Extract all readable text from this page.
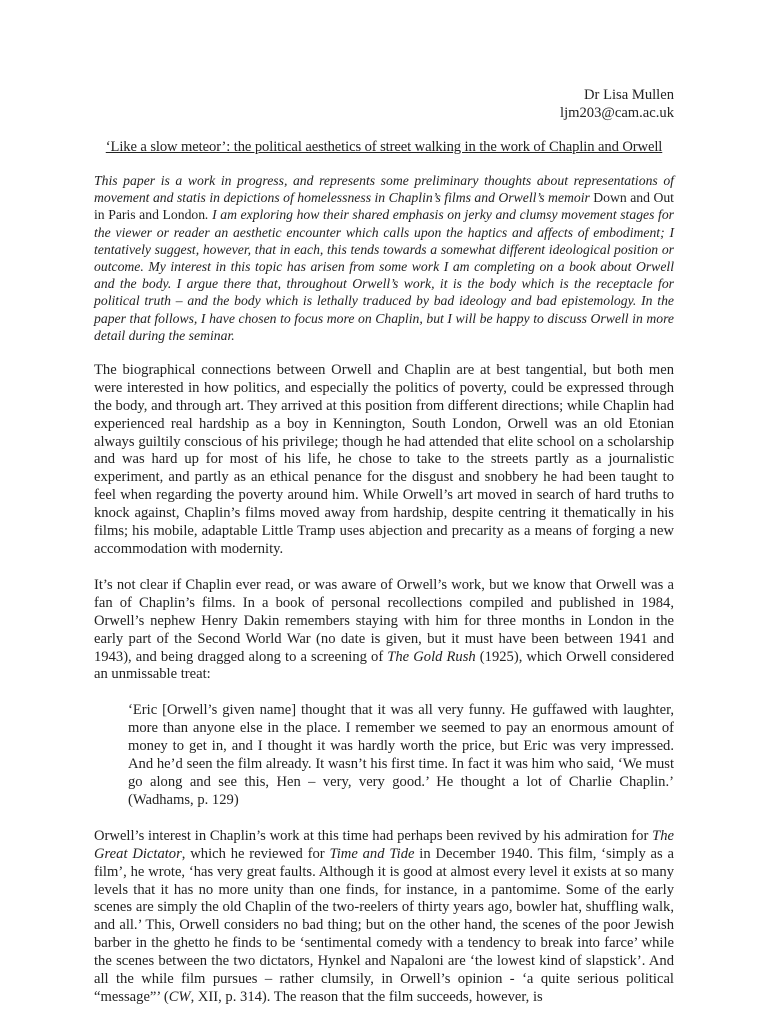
Dr Lisa Mullen
ljm203@cam.ac.uk
‘Like a slow meteor’: the political aesthetics of street walking in the work of Chaplin and Orwell

This paper is a work in progress, and represents some preliminary thoughts about representations of movement and statis in depictions of homelessness in Chaplin’s films and Orwell’s memoir Down and Out in Paris and London. I am exploring how their shared emphasis on jerky and clumsy movement stages for the viewer or reader an aesthetic encounter which calls upon the haptics and affects of embodiment; I tentatively suggest, however, that in each, this tends towards a somewhat different ideological position or outcome. My interest in this topic has arisen from some work I am completing on a book about Orwell and the body. I argue there that, throughout Orwell’s work, it is the body which is the receptacle for political truth – and the body which is lethally traduced by bad ideology and bad epistemology. In the paper that follows, I have chosen to focus more on Chaplin, but I will be happy to discuss Orwell in more detail during the seminar.

The biographical connections between Orwell and Chaplin are at best tangential, but both men were interested in how politics, and especially the politics of poverty, could be expressed through the body, and through art. They arrived at this position from different directions; while Chaplin had experienced real hardship as a boy in Kennington, South London, Orwell was an old Etonian always guiltily conscious of his privilege; though he had attended that elite school on a scholarship and was hard up for most of his life, he chose to take to the streets partly as a journalistic experiment, and partly as an ethical penance for the disgust and snobbery he had been taught to feel when regarding the poverty around him. While Orwell’s art moved in search of hard truths to knock against, Chaplin’s films moved away from hardship, despite centring it thematically in his films; his mobile, adaptable Little Tramp uses abjection and precarity as a means of forging a new accommodation with modernity.

It’s not clear if Chaplin ever read, or was aware of Orwell’s work, but we know that Orwell was a fan of Chaplin’s films. In a book of personal recollections compiled and published in 1984, Orwell’s nephew Henry Dakin remembers staying with him for three months in London in the early part of the Second World War (no date is given, but it must have been between 1941 and 1943), and being dragged along to a screening of The Gold Rush (1925), which Orwell considered an unmissable treat:

‘Eric [Orwell’s given name] thought that it was all very funny. He guffawed with laughter, more than anyone else in the place. I remember we seemed to pay an enormous amount of money to get in, and I thought it was hardly worth the price, but Eric was very impressed. And he’d seen the film already. It wasn’t his first time. In fact it was him who said, ‘We must go along and see this, Hen – very, very good.’ He thought a lot of Charlie Chaplin.’ (Wadhams, p. 129)

Orwell’s interest in Chaplin’s work at this time had perhaps been revived by his admiration for The Great Dictator, which he reviewed for Time and Tide in December 1940. This film, ‘simply as a film’, he wrote, ‘has very great faults. Although it is good at almost every level it exists at so many levels that it has no more unity than one finds, for instance, in a pantomime. Some of the early scenes are simply the old Chaplin of the two-reelers of thirty years ago, bowler hat, shuffling walk, and all.’ This, Orwell considers no bad thing; but on the other hand, the scenes of the poor Jewish barber in the ghetto he finds to be ‘sentimental comedy with a tendency to break into farce’ while the scenes between the two dictators, Hynkel and Napaloni are ‘the lowest kind of slapstick’. And all the while film pursues – rather clumsily, in Orwell’s opinion - ‘a quite serious political “message”’ (CW, XII, p. 314). The reason that the film succeeds, however, is
